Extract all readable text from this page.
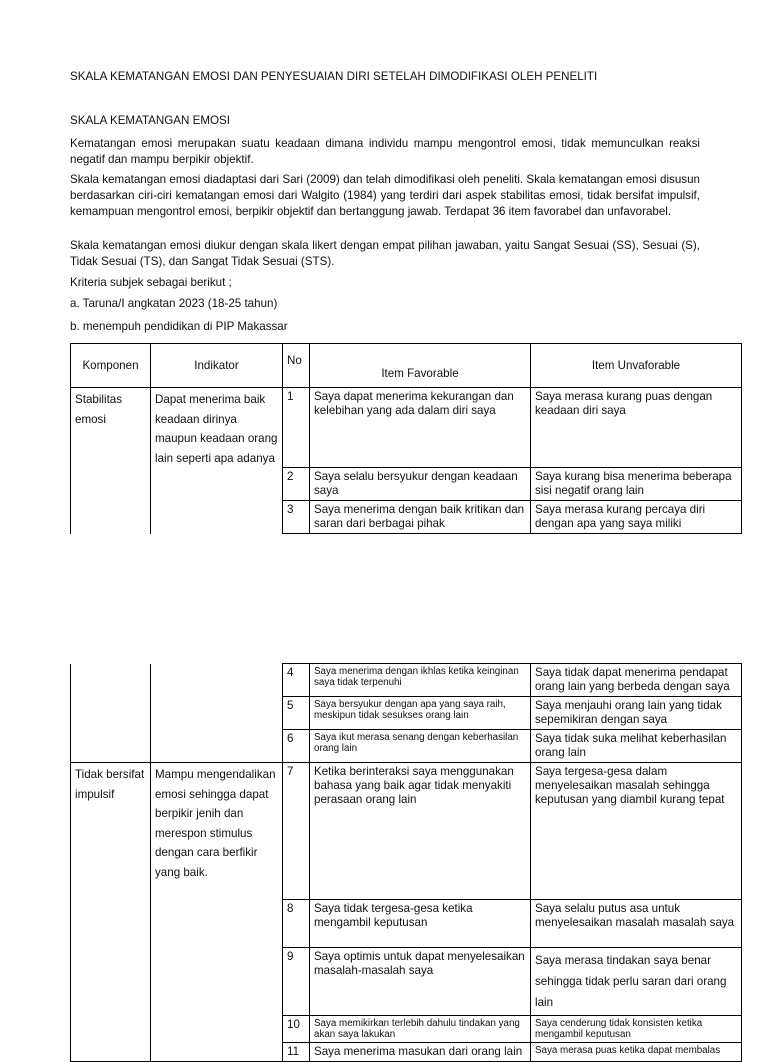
SKALA KEMATANGAN EMOSI DAN PENYESUAIAN DIRI SETELAH DIMODIFIKASI OLEH PENELITI

SKALA KEMATANGAN EMOSI

Kematangan emosi merupakan suatu keadaan dimana individu mampu mengontrol emosi, tidak memunculkan reaksi negatif dan mampu berpikir objektif.

Skala kematangan emosi diadaptasi dari Sari (2009) dan telah dimodifikasi oleh peneliti. Skala kematangan emosi disusun berdasarkan ciri-ciri kematangan emosi dari Walgito (1984) yang terdiri dari aspek stabilitas emosi, tidak bersifat impulsif, kemampuan mengontrol emosi, berpikir objektif dan bertanggung jawab. Terdapat 36 item favorabel dan unfavorabel.

Skala kematangan emosi diukur dengan skala likert dengan empat pilihan jawaban, yaitu Sangat Sesuai (SS), Sesuai (S), Tidak Sesuai (TS), dan Sangat Tidak Sesuai (STS).

Kriteria subjek sebagai berikut ;

a. Taruna/I angkatan 2023 (18-25 tahun)

b. menempuh pendidikan di PIP Makassar

Komponen	Indikator	No	Item Favorable	Item Unvaforable
Stabilitas emosi	Dapat menerima baik keadaan dirinya maupun keadaan orang lain seperti apa adanya	1	Saya dapat menerima kekurangan dan kelebihan yang ada dalam diri saya	Saya merasa kurang puas dengan keadaan diri saya
		2	Saya selalu bersyukur dengan keadaan saya	Saya kurang bisa menerima beberapa sisi negatif orang lain
		3	Saya menerima dengan baik kritikan dan saran dari berbagai pihak	Saya merasa kurang percaya diri dengan apa yang saya miliki
		4	Saya menerima dengan ikhlas ketika keinginan saya tidak terpenuhi	Saya tidak dapat menerima pendapat orang lain yang berbeda dengan saya
		5	Saya bersyukur dengan apa yang saya raih, meskipun tidak sesukses orang lain	Saya menjauhi orang lain yang tidak sepemikiran dengan saya
		6	Saya ikut merasa senang dengan keberhasilan orang lain	Saya tidak suka melihat keberhasilan orang lain
Tidak bersifat impulsif	Mampu mengendalikan emosi sehingga dapat berpikir jenih dan merespon stimulus dengan cara berfikir yang baik.	7	Ketika berinteraksi saya menggunakan bahasa yang baik agar tidak menyakiti perasaan orang lain	Saya tergesa-gesa dalam menyelesaikan masalah sehingga keputusan yang diambil kurang tepat
		8	Saya tidak tergesa-gesa ketika mengambil keputusan	Saya selalu putus asa untuk menyelesaikan masalah masalah saya
		9	Saya optimis untuk dapat menyelesaikan masalah-masalah saya	Saya merasa tindakan saya benar sehingga tidak perlu saran dari orang lain
		10	Saya memikirkan terlebih dahulu tindakan yang akan saya lakukan	Saya cenderung tidak konsisten ketika mengambil keputusan
		11	Saya menerima masukan dari orang lain	Saya merasa puas ketika dapat membalas
